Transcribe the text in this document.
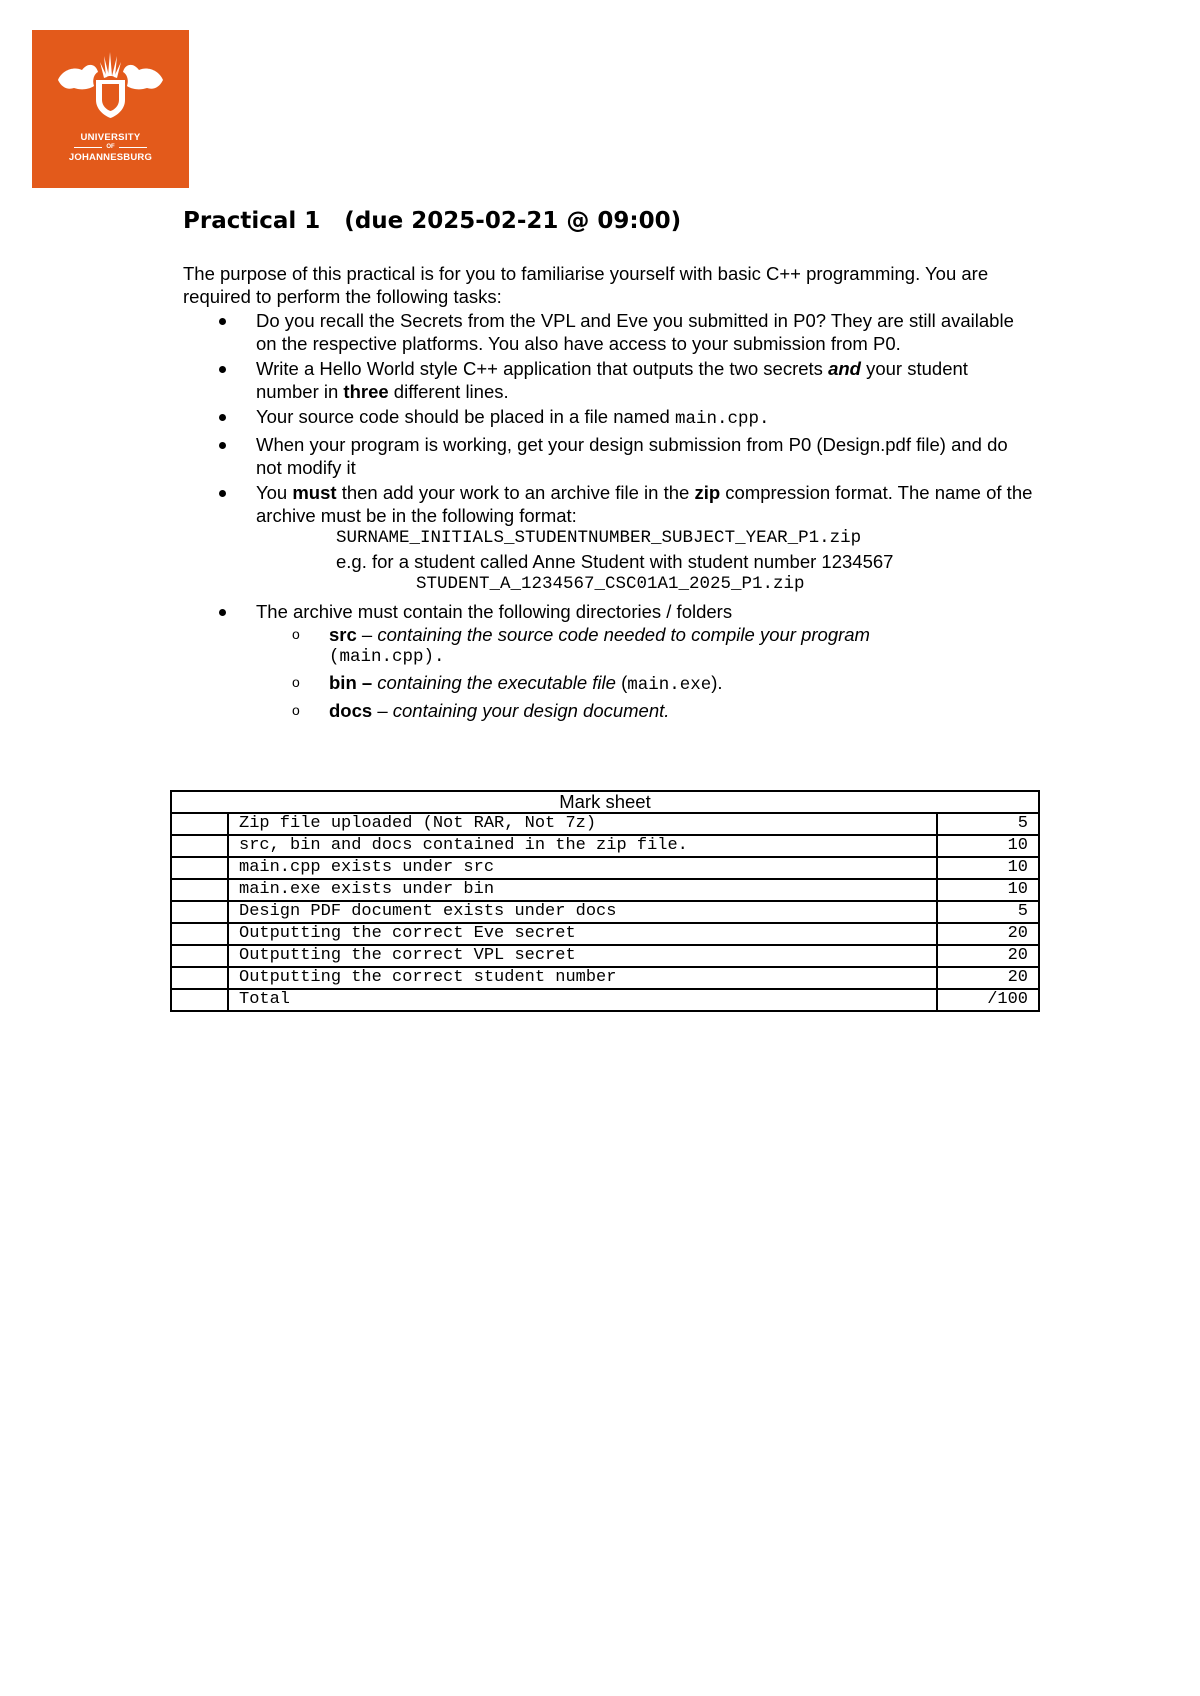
UNIVERSITY
OF
JOHANNESBURG
Practical 1   (due 2025-02-21 @ 09:00)

The purpose of this practical is for you to familiarise yourself with basic C++ programming. You are required to perform the following tasks:

Do you recall the Secrets from the VPL and Eve you submitted in P0? They are still available on the respective platforms. You also have access to your submission from P0.
Write a Hello World style C++ application that outputs the two secrets and your student number in three different lines.
Your source code should be placed in a file named main.cpp.
When your program is working, get your design submission from P0 (Design.pdf file) and do not modify it
You must then add your work to an archive file in the zip compression format. The name of the archive must be in the following format:
SURNAME_INITIALS_STUDENTNUMBER_SUBJECT_YEAR_P1.zip
e.g. for a student called Anne Student with student number 1234567
STUDENT_A_1234567_CSC01A1_2025_P1.zip
The archive must contain the following directories / folders
o src – containing the source code needed to compile your program
(main.cpp).
o bin – containing the executable file (main.exe).
o docs – containing your design document.
Mark sheet		
	Zip file uploaded (Not RAR, Not 7z)	5
	src, bin and docs contained in the zip file.	10
	main.cpp exists under src	10
	main.exe exists under bin	10
	Design PDF document exists under docs	5
	Outputting the correct Eve secret	20
	Outputting the correct VPL secret	20
	Outputting the correct student number	20
	Total	/100
